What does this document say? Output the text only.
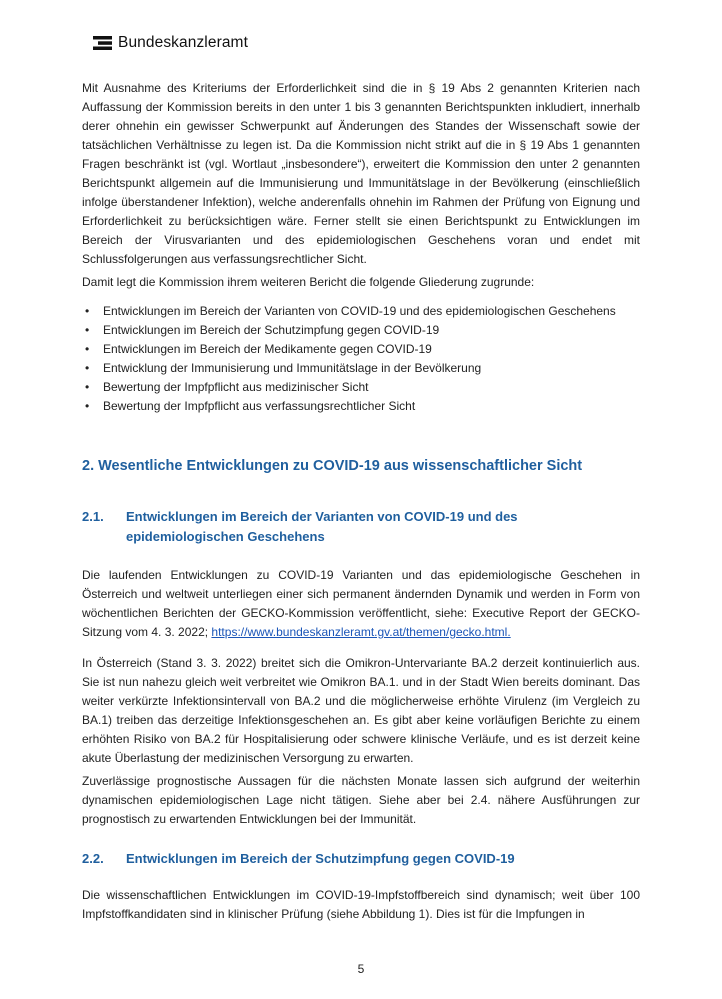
Bundeskanzleramt

Mit Ausnahme des Kriteriums der Erforderlichkeit sind die in § 19 Abs 2 genannten Kriterien nach Auffassung der Kommission bereits in den unter 1 bis 3 genannten Berichtspunkten inkludiert, innerhalb derer ohnehin ein gewisser Schwerpunkt auf Änderungen des Standes der Wissenschaft sowie der tatsächlichen Verhältnisse zu legen ist. Da die Kommission nicht strikt auf die in § 19 Abs 1 genannten Fragen beschränkt ist (vgl. Wortlaut „insbesondere“), erweitert die Kommission den unter 2 genannten Berichtspunkt allgemein auf die Immunisierung und Immunitätslage in der Bevölkerung (einschließlich infolge überstandener Infektion), welche anderenfalls ohnehin im Rahmen der Prüfung von Eignung und Erforderlichkeit zu berücksichtigen wäre. Ferner stellt sie einen Berichtspunkt zu Entwicklungen im Bereich der Virusvarianten und des epidemiologischen Geschehens voran und endet mit Schlussfolgerungen aus verfassungsrechtlicher Sicht.

Damit legt die Kommission ihrem weiteren Bericht die folgende Gliederung zugrunde:

• Entwicklungen im Bereich der Varianten von COVID-19 und des epidemiologischen Geschehens
• Entwicklungen im Bereich der Schutzimpfung gegen COVID-19
• Entwicklungen im Bereich der Medikamente gegen COVID-19
• Entwicklung der Immunisierung und Immunitätslage in der Bevölkerung
• Bewertung der Impfpflicht aus medizinischer Sicht
• Bewertung der Impfpflicht aus verfassungsrechtlicher Sicht
2. Wesentliche Entwicklungen zu COVID-19 aus wissenschaftlicher Sicht
2.1.	Entwicklungen im Bereich der Varianten von COVID-19 und des epidemiologischen Geschehens

Die laufenden Entwicklungen zu COVID-19 Varianten und das epidemiologische Geschehen in Österreich und weltweit unterliegen einer sich permanent ändernden Dynamik und werden in Form von wöchentlichen Berichten der GECKO-Kommission veröffentlicht, siehe: Executive Report der GECKO-Sitzung vom 4. 3. 2022; https://www.bundeskanzleramt.gv.at/themen/gecko.html.

In Österreich (Stand 3. 3. 2022) breitet sich die Omikron-Untervariante BA.2 derzeit kontinuierlich aus. Sie ist nun nahezu gleich weit verbreitet wie Omikron BA.1. und in der Stadt Wien bereits dominant. Das weiter verkürzte Infektionsintervall von BA.2 und die möglicherweise erhöhte Virulenz (im Vergleich zu BA.1) treiben das derzeitige Infektionsgeschehen an. Es gibt aber keine vorläufigen Berichte zu einem erhöhten Risiko von BA.2 für Hospitalisierung oder schwere klinische Verläufe, und es ist derzeit keine akute Überlastung der medizinischen Versorgung zu erwarten.

Zuverlässige prognostische Aussagen für die nächsten Monate lassen sich aufgrund der weiterhin dynamischen epidemiologischen Lage nicht tätigen. Siehe aber bei 2.4. nähere Ausführungen zur prognostisch zu erwartenden Entwicklungen bei der Immunität.

2.2.	Entwicklungen im Bereich der Schutzimpfung gegen COVID-19

Die wissenschaftlichen Entwicklungen im COVID-19-Impfstoffbereich sind dynamisch; weit über 100 Impfstoffkandidaten sind in klinischer Prüfung (siehe Abbildung 1). Dies ist für die Impfungen in

5
